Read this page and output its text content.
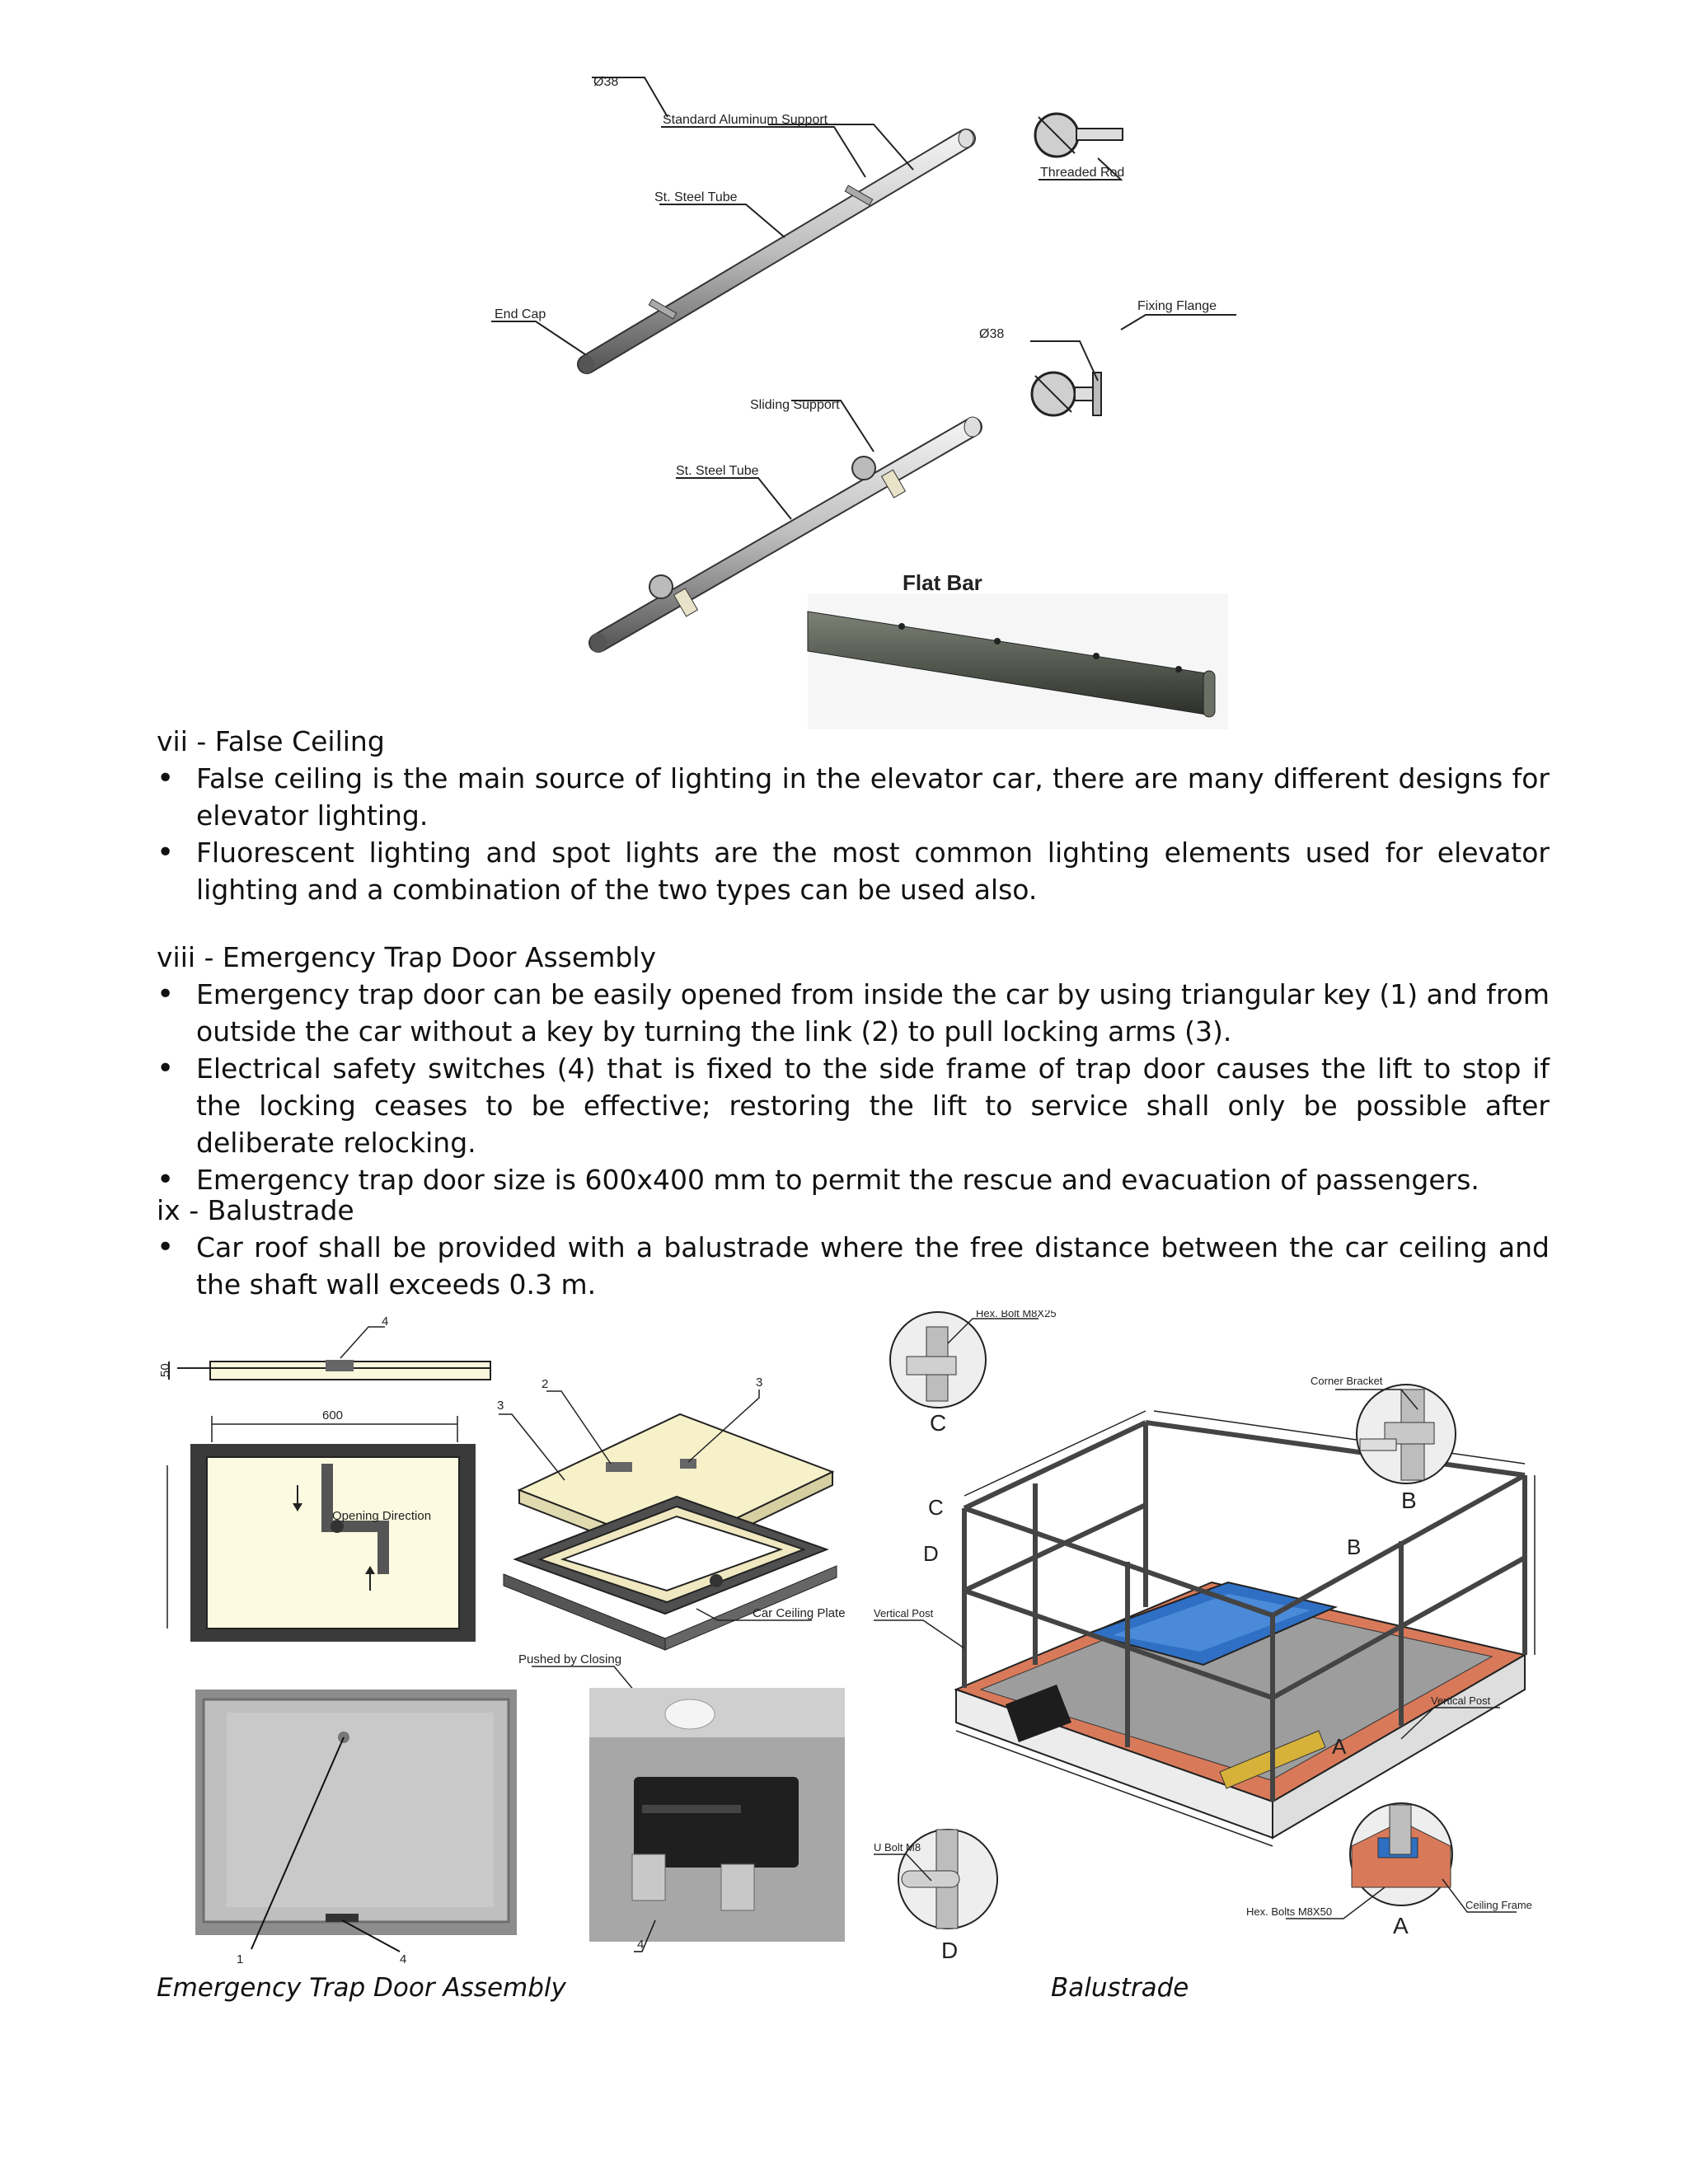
Flat Bar
Ø38
Standard Aluminum Support
Threaded Rod
St. Steel Tube
End Cap
Ø38
Fixing Flange
Sliding Support
St. Steel Tube

vii - False Ceiling

• False ceiling is the main source of lighting in the elevator car, there are many different designs for elevator lighting.
• Fluorescent lighting and spot lights are the most common lighting elements used for elevator lighting and a combination of the two types can be used also.

viii - Emergency Trap Door Assembly

• Emergency trap door can be easily opened from inside the car by using triangular key (1) and from outside the car without a key by turning the link (2) to pull locking arms (3).
• Electrical safety switches (4) that is fixed to the side frame of trap door causes the lift to stop if the locking ceases to be effective; restoring the lift to service shall only be possible after deliberate relocking.
• Emergency trap door size is 600x400 mm to permit the rescue and evacuation of passengers.

ix - Balustrade

• Car roof shall be provided with a balustrade where the free distance between the car ceiling and the shaft wall exceeds 0.3 m.
50
4
600
Opening Direction
3
2	3
Car Ceiling Plate
1	4
Pushed by Closing
4
C
B
D
A
C
D	B
A
Hex. Bolt M8X25
Corner Bracket
Vertical Post
Vertical Post
U Bolt M8
Hex. Bolts M8X50
Ceiling Frame
Emergency Trap Door Assembly	Balustrade
